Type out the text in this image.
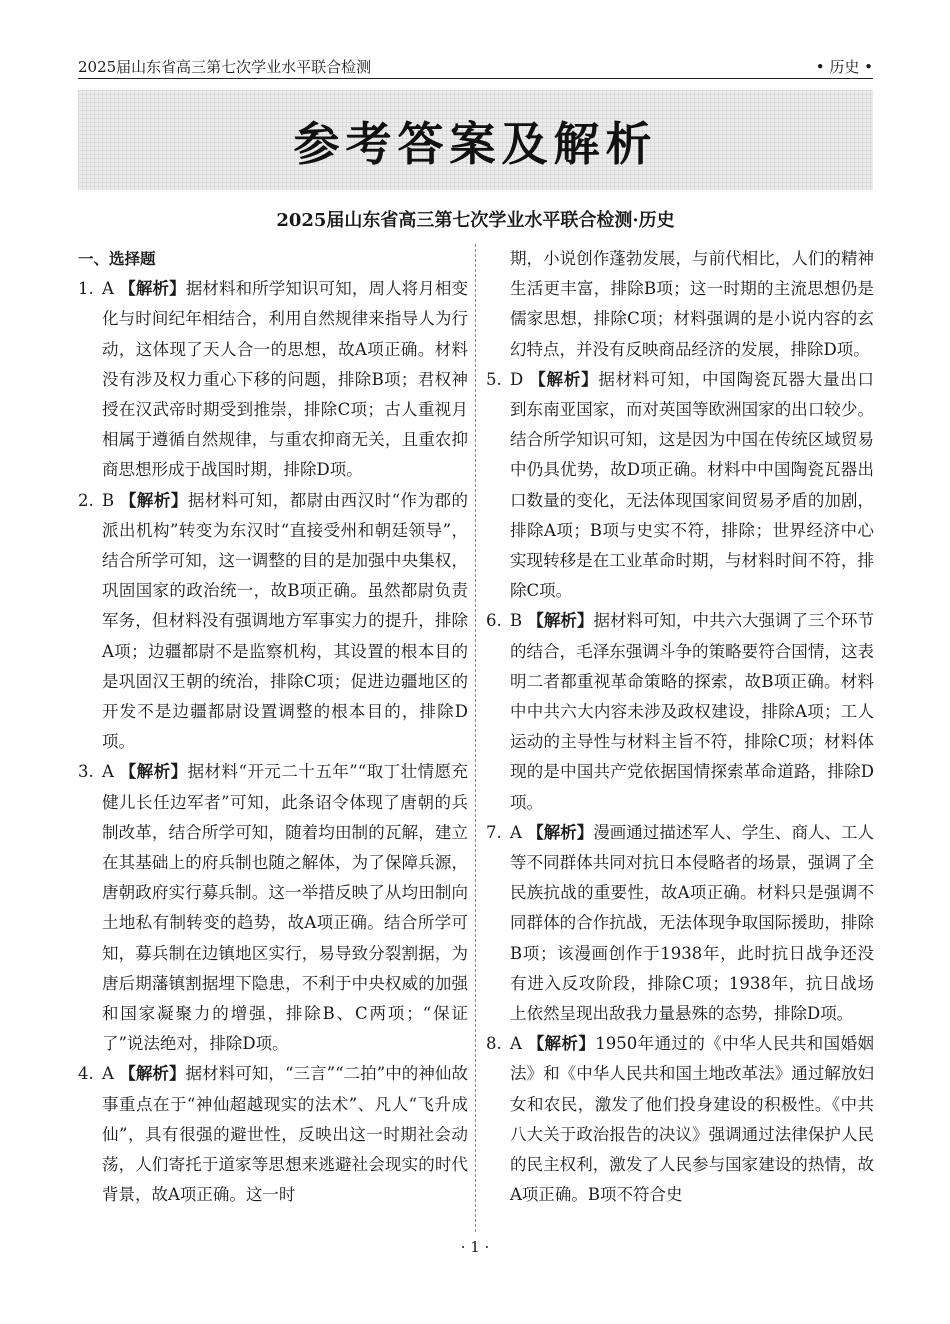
2025届山东省高三第七次学业水平联合检测	• 历史 •
参考答案及解析
2025届山东省高三第七次学业水平联合检测·历史
一、选择题

1. A 【解析】据材料和所学知识可知，周人将月相变化与时间纪年相结合，利用自然规律来指导人为行动，这体现了天人合一的思想，故A项正确。材料没有涉及权力重心下移的问题，排除B项；君权神授在汉武帝时期受到推崇，排除C项；古人重视月相属于遵循自然规律，与重农抑商无关，且重农抑商思想形成于战国时期，排除D项。

2. B 【解析】据材料可知，都尉由西汉时“作为郡的派出机构”转变为东汉时“直接受州和朝廷领导”，结合所学可知，这一调整的目的是加强中央集权，巩固国家的政治统一，故B项正确。虽然都尉负责军务，但材料没有强调地方军事实力的提升，排除A项；边疆都尉不是监察机构，其设置的根本目的是巩固汉王朝的统治，排除C项；促进边疆地区的开发不是边疆都尉设置调整的根本目的，排除D项。

3. A 【解析】据材料“开元二十五年”“取丁壮情愿充健儿长任边军者”可知，此条诏令体现了唐朝的兵制改革，结合所学可知，随着均田制的瓦解，建立在其基础上的府兵制也随之解体，为了保障兵源，唐朝政府实行募兵制。这一举措反映了从均田制向土地私有制转变的趋势，故A项正确。结合所学可知，募兵制在边镇地区实行，易导致分裂割据，为唐后期藩镇割据埋下隐患，不利于中央权威的加强和国家凝聚力的增强，排除B、C两项；“保证了”说法绝对，排除D项。

4. A 【解析】据材料可知，“三言”“二拍”中的神仙故事重点在于“神仙超越现实的法术”、凡人“飞升成仙”，具有很强的避世性，反映出这一时期社会动荡，人们寄托于道家等思想来逃避社会现实的时代背景，故A项正确。这一时

期，小说创作蓬勃发展，与前代相比，人们的精神生活更丰富，排除B项；这一时期的主流思想仍是儒家思想，排除C项；材料强调的是小说内容的玄幻特点，并没有反映商品经济的发展，排除D项。

5. D 【解析】据材料可知，中国陶瓷瓦器大量出口到东南亚国家，而对英国等欧洲国家的出口较少。结合所学知识可知，这是因为中国在传统区域贸易中仍具优势，故D项正确。材料中中国陶瓷瓦器出口数量的变化，无法体现国家间贸易矛盾的加剧，排除A项；B项与史实不符，排除；世界经济中心实现转移是在工业革命时期，与材料时间不符，排除C项。

6. B 【解析】据材料可知，中共六大强调了三个环节的结合，毛泽东强调斗争的策略要符合国情，这表明二者都重视革命策略的探索，故B项正确。材料中中共六大内容未涉及政权建设，排除A项；工人运动的主导性与材料主旨不符，排除C项；材料体现的是中国共产党依据国情探索革命道路，排除D项。

7. A 【解析】漫画通过描述军人、学生、商人、工人等不同群体共同对抗日本侵略者的场景，强调了全民族抗战的重要性，故A项正确。材料只是强调不同群体的合作抗战，无法体现争取国际援助，排除B项；该漫画创作于1938年，此时抗日战争还没有进入反攻阶段，排除C项；1938年，抗日战场上依然呈现出敌我力量悬殊的态势，排除D项。

8. A 【解析】1950年通过的《中华人民共和国婚姻法》和《中华人民共和国土地改革法》通过解放妇女和农民，激发了他们投身建设的积极性。《中共八大关于政治报告的决议》强调通过法律保护人民的民主权利，激发了人民参与国家建设的热情，故A项正确。B项不符合史

· 1 ·
